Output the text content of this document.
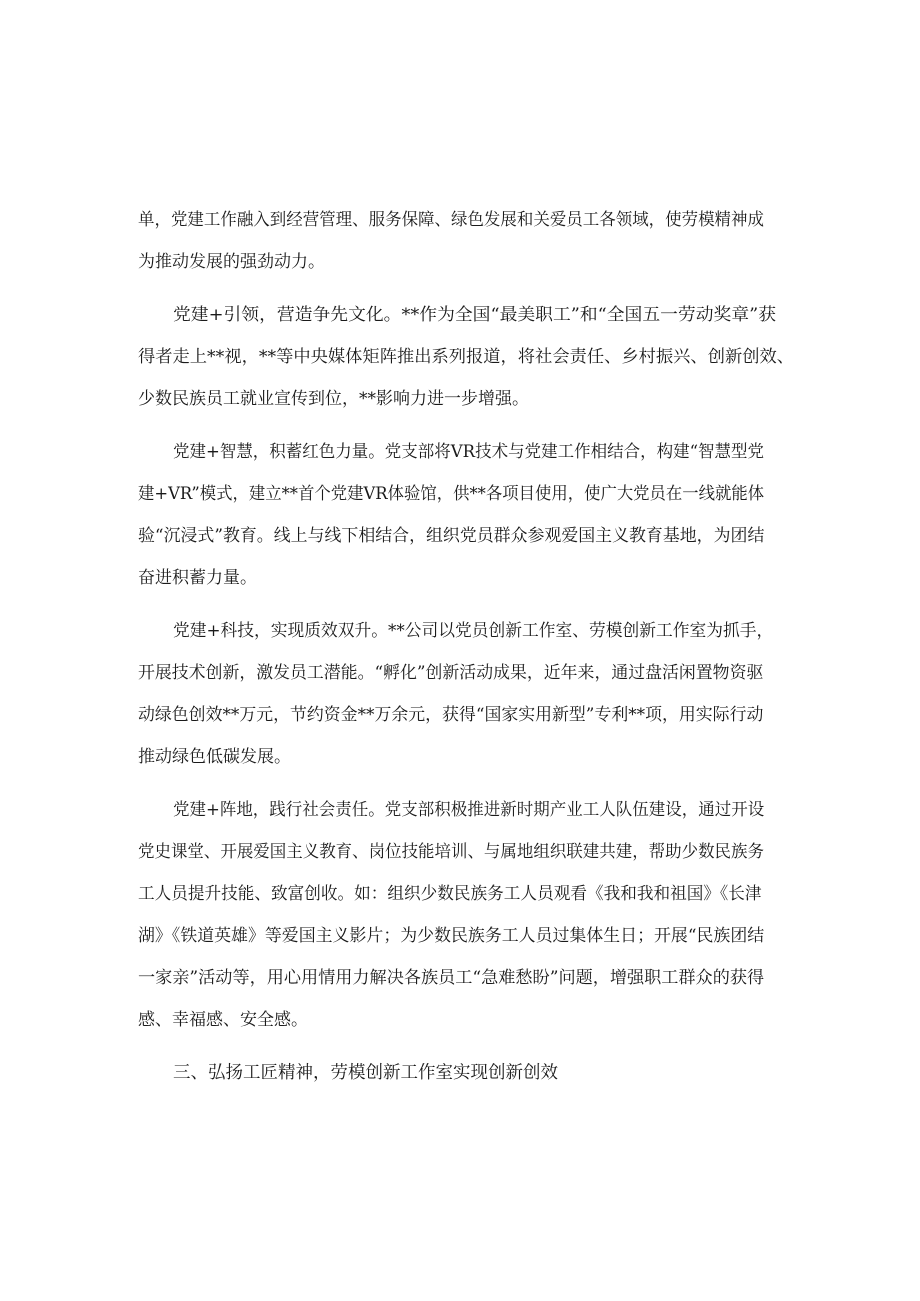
单，党建工作融入到经营管理、服务保障、绿色发展和关爱员工各领域，使劳模精神成

为推动发展的强劲动力。

党建+引领，营造争先文化。**作为全国“最美职工”和“全国五一劳动奖章”获

得者走上**视，**等中央媒体矩阵推出系列报道，将社会责任、乡村振兴、创新创效、

少数民族员工就业宣传到位，**影响力进一步增强。

党建+智慧，积蓄红色力量。党支部将VR技术与党建工作相结合，构建“智慧型党

建+VR”模式，建立**首个党建VR体验馆，供**各项目使用，使广大党员在一线就能体

验“沉浸式”教育。线上与线下相结合，组织党员群众参观爱国主义教育基地，为团结

奋进积蓄力量。

党建+科技，实现质效双升。**公司以党员创新工作室、劳模创新工作室为抓手，

开展技术创新，激发员工潜能。“孵化”创新活动成果，近年来，通过盘活闲置物资驱

动绿色创效**万元，节约资金**万余元，获得“国家实用新型”专利**项，用实际行动

推动绿色低碳发展。

党建+阵地，践行社会责任。党支部积极推进新时期产业工人队伍建设，通过开设

党史课堂、开展爱国主义教育、岗位技能培训、与属地组织联建共建，帮助少数民族务

工人员提升技能、致富创收。如：组织少数民族务工人员观看《我和我和祖国》《长津

湖》《铁道英雄》等爱国主义影片；为少数民族务工人员过集体生日；开展“民族团结

一家亲”活动等，用心用情用力解决各族员工“急难愁盼”问题，增强职工群众的获得

感、幸福感、安全感。

三、弘扬工匠精神，劳模创新工作室实现创新创效
